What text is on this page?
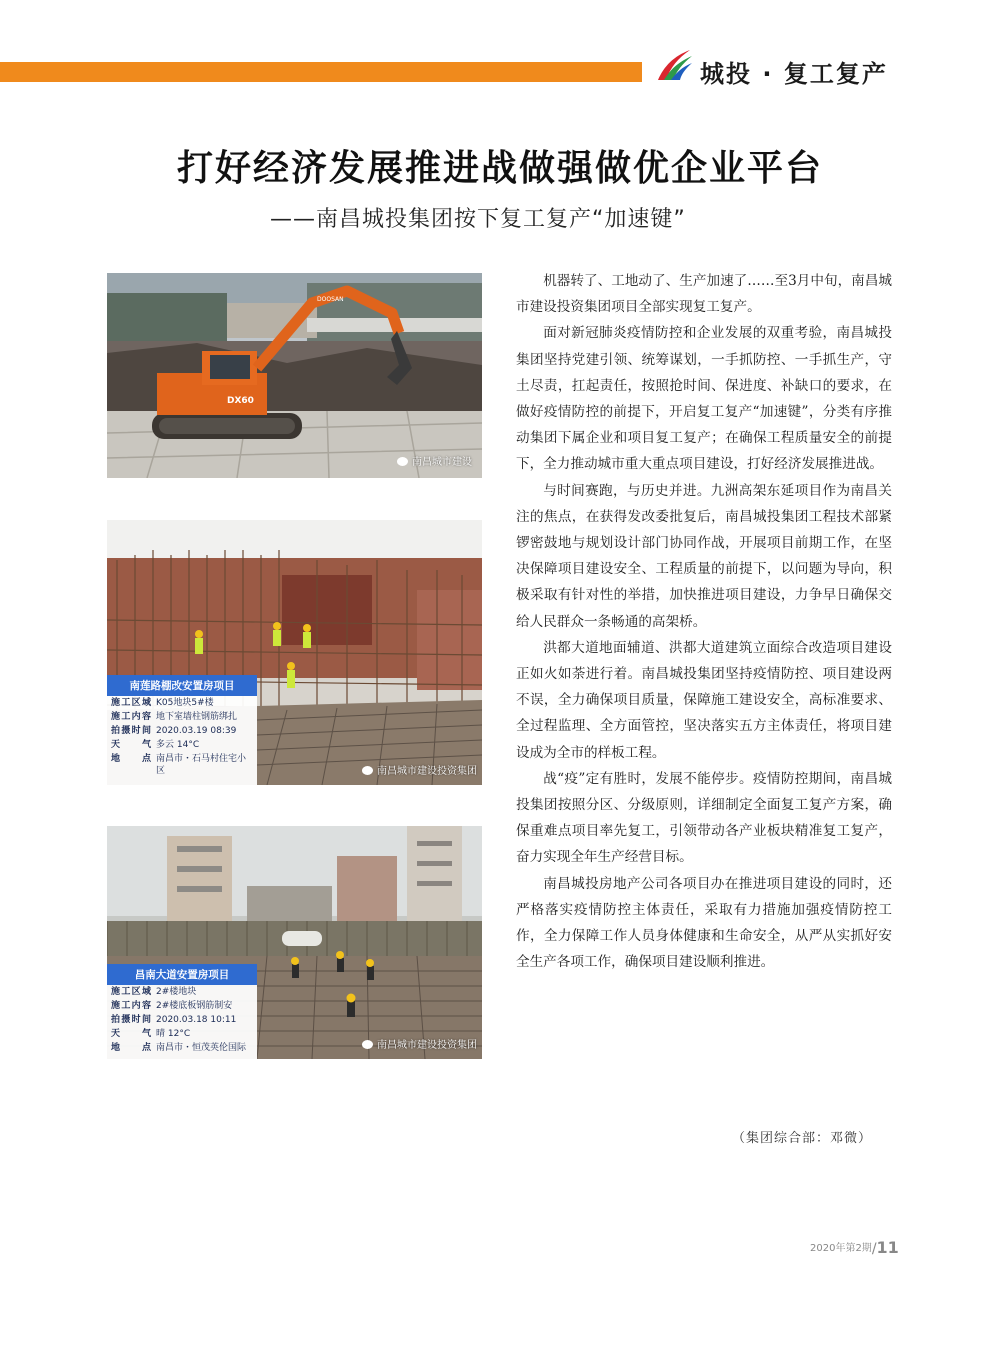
城投 · 复工复产
打好经济发展推进战做强做优企业平台
——南昌城投集团按下复工复产“加速键”
DX60
DOOSAN
南昌城市建设
南莲路棚改安置房项目
施工区域 K05地块5#楼
施工内容 地下室墙柱钢筋绑扎
拍摄时间 2020.03.19 08:39
天　气 多云 14°C
地　点 南昌市・石马村住宅小区	南昌城市建设投资集团
昌南大道安置房项目
施工区域 2#楼地块
施工内容 2#楼底板钢筋制安
拍摄时间 2020.03.18 10:11
天　气 晴 12°C
地　点 南昌市・恒茂英伦国际	南昌城市建设投资集团

机器转了、工地动了、生产加速了……至3月中旬，南昌城市建设投资集团项目全部实现复工复产。

面对新冠肺炎疫情防控和企业发展的双重考验，南昌城投集团坚持党建引领、统筹谋划，一手抓防控、一手抓生产，守土尽责，扛起责任，按照抢时间、保进度、补缺口的要求，在做好疫情防控的前提下，开启复工复产“加速键”，分类有序推动集团下属企业和项目复工复产；在确保工程质量安全的前提下，全力推动城市重大重点项目建设，打好经济发展推进战。

与时间赛跑，与历史并进。九洲高架东延项目作为南昌关注的焦点，在获得发改委批复后，南昌城投集团工程技术部紧锣密鼓地与规划设计部门协同作战，开展项目前期工作，在坚决保障项目建设安全、工程质量的前提下，以问题为导向，积极采取有针对性的举措，加快推进项目建设，力争早日确保交给人民群众一条畅通的高架桥。

洪都大道地面辅道、洪都大道建筑立面综合改造项目建设正如火如荼进行着。南昌城投集团坚持疫情防控、项目建设两不误，全力确保项目质量，保障施工建设安全，高标准要求、全过程监理、全方面管控，坚决落实五方主体责任，将项目建设成为全市的样板工程。

战“疫”定有胜时，发展不能停步。疫情防控期间，南昌城投集团按照分区、分级原则，详细制定全面复工复产方案，确保重难点项目率先复工，引领带动各产业板块精准复工复产，奋力实现全年生产经营目标。

南昌城投房地产公司各项目办在推进项目建设的同时，还严格落实疫情防控主体责任，采取有力措施加强疫情防控工作，全力保障工作人员身体健康和生命安全，从严从实抓好安全生产各项工作，确保项目建设顺利推进。

（集团综合部：邓微）
2020年第2期/11
